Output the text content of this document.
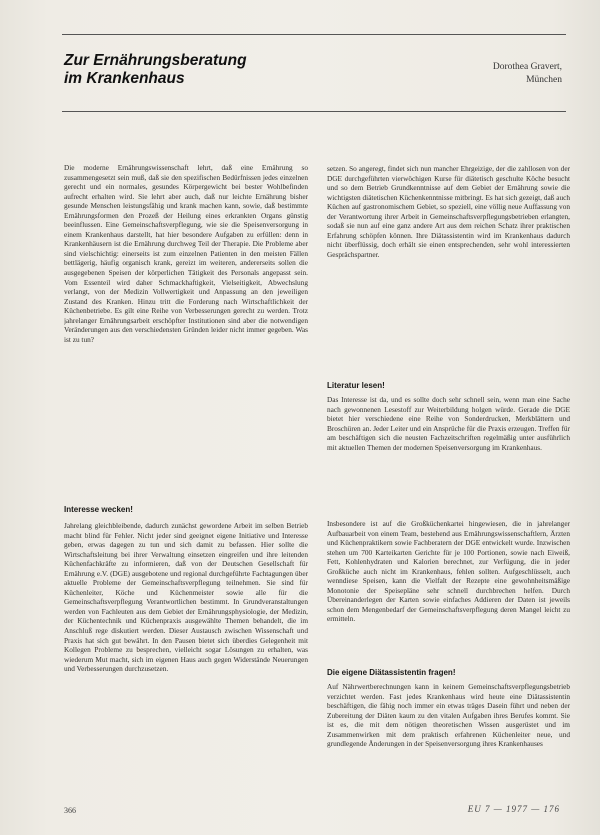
Zur Ernährungsberatung
im Krankenhaus
Dorothea Gravert,
München

Die moderne Ernährungswissenschaft lehrt, daß eine Ernährung so zusammengesetzt sein muß, daß sie den spezifischen Bedürfnissen jedes einzelnen gerecht und ein normales, gesundes Körpergewicht bei bester Wohlbefinden aufrecht erhalten wird. Sie lehrt aber auch, daß nur leichte Ernährung bisher gesunde Menschen leistungsfähig und krank machen kann, sowie, daß bestimmte Ernährungsformen den Prozeß der Heilung eines erkrankten Organs günstig beeinflussen. Eine Gemeinschaftsverpflegung, wie sie die Speisenversorgung in einem Krankenhaus darstellt, hat hier besondere Aufgaben zu erfüllen: denn in Krankenhäusern ist die Ernährung durchweg Teil der Therapie. Die Probleme aber sind vielschichtig: einerseits ist zum einzelnen Patienten in den meisten Fällen bettlägerig, häufig organisch krank, gereizt im weiteren, andererseits sollen die ausgegebenen Speisen der körperlichen Tätigkeit des Personals angepasst sein. Vom Essenteil wird daher Schmackhaftigkeit, Vielseitigkeit, Abwechslung verlangt, von der Medizin Vollwertigkeit und Anpassung an den jeweiligen Zustand des Kranken. Hinzu tritt die Forderung nach Wirtschaftlichkeit der Küchenbetriebe. Es gilt eine Reihe von Verbesserungen gerecht zu werden. Trotz jahrelanger Ernährungsarbeit erschöpfter Institutionen sind aber die notwendigen Veränderungen aus den verschiedensten Gründen leider nicht immer gegeben. Was ist zu tun?

Interesse wecken!

Jahrelang gleichbleibende, dadurch zunächst gewordene Arbeit im selben Betrieb macht blind für Fehler. Nicht jeder sind geeignet eigene Initiative und Interesse geben, erwas dagegen zu tun und sich damit zu befassen. Hier sollte die Wirtschaftsleitung bei ihrer Verwaltung einsetzen eingreifen und ihre leitenden Küchenfachkräfte zu informieren, daß von der Deutschen Gesellschaft für Ernährung e.V. (DGE) ausgebotene und regional durchgeführte Fachtagungen über aktuelle Probleme der Gemeinschaftsverpflegung teilnehmen. Sie sind für Küchenleiter, Köche und Küchenmeister sowie alle für die Gemeinschaftsverpflegung Verantwortlichen bestimmt. In Grundveranstaltungen werden von Fachleuten aus dem Gebiet der Ernährungsphysiologie, der Medizin, der Küchentechnik und Küchenpraxis ausgewählte Themen behandelt, die im Anschluß rege diskutiert werden. Dieser Austausch zwischen Wissenschaft und Praxis hat sich gut bewährt. In den Pausen bietet sich überdies Gelegenheit mit Kollegen Probleme zu besprechen, vielleicht sogar Lösungen zu erhalten, was wiederum Mut macht, sich im eigenen Haus auch gegen Widerstände Neuerungen und Verbesserungen durchzusetzen.

setzen. So angeregt, findet sich nun mancher Ehrgeizige, der die zahllosen von der DGE durchgeführten vierwöchigen Kurse für diätetisch geschulte Köche besucht und so dem Betrieb Grundkenntnisse auf dem Gebiet der Ernährung sowie die wichtigsten diätetischen Küchenkenntnisse mitbringt. Es hat sich gezeigt, daß auch Küchen auf gastronomischem Gebiet, so speziell, eine völlig neue Auffassung von der Verantwortung ihrer Arbeit in Gemeinschaftsverpflegungsbetrieben erlangten, sodaß sie nun auf eine ganz andere Art aus dem reichen Schatz ihrer praktischen Erfahrung schöpfen können. Ihre Diätassistentin wird im Krankenhaus dadurch nicht überflüssig, doch erhält sie einen entsprechenden, sehr wohl interessierten Gesprächspartner.

Literatur lesen!

Das Interesse ist da, und es sollte doch sehr schnell sein, wenn man eine Sache nach gewonnenen Lesestoff zur Weiterbildung holgen würde. Gerade die DGE bietet hier verschiedene eine Reihe von Sonderdrucken, Merkblättern und Broschüren an. Jeder Leiter und ein Ansprüche für die Praxis erzeugen. Treffen für am beschäftigen sich die neusten Fachzeitschriften regelmäßig unter ausführlich mit aktuellen Themen der modernen Speisenversorgung im Krankenhaus.

Insbesondere ist auf die Großküchenkartei hingewiesen, die in jahrelanger Aufbauarbeit von einem Team, bestehend aus Ernährungswissenschaftlern, Ärzten und Küchenpraktikern sowie Fachberatern der DGE entwickelt wurde. Inzwischen stehen um 700 Karteikarten Gerichte für je 100 Portionen, sowie nach Eiweiß, Fett, Kohlenhydraten und Kalorien berechnet, zur Verfügung, die in jeder Großküche auch nicht im Krankenhaus, fehlen sollten. Aufgeschlüsselt, auch wenndiese Speisen, kann die Vielfalt der Rezepte eine gewohnheitsmäßige Monotonie der Speisepläne sehr schnell durchbrechen helfen. Durch Übereinanderlegen der Karten sowie einfaches Addieren der Daten ist jeweils schon dem Mengenbedarf der Gemeinschaftsverpflegung deren Mangel leicht zu ermitteln.

Die eigene Diätassistentin fragen!

Auf Nährwertberechnungen kann in keinem Gemeinschaftsverpflegungsbetrieb verzichtet werden. Fast jedes Krankenhaus wird heute eine Diätassistentin beschäftigen, die fähig noch immer ein etwas träges Dasein führt und neben der Zubereitung der Diäten kaum zu den vitalen Aufgaben ihres Berufes kommt. Sie ist es, die mit dem nötigen theoretischen Wissen ausgerüstet und im Zusammenwirken mit dem praktisch erfahrenen Küchenleiter neue, und grundlegende Änderungen in der Speisenversorgung ihres Krankenhauses

366	EU 7 — 1977 — 176
